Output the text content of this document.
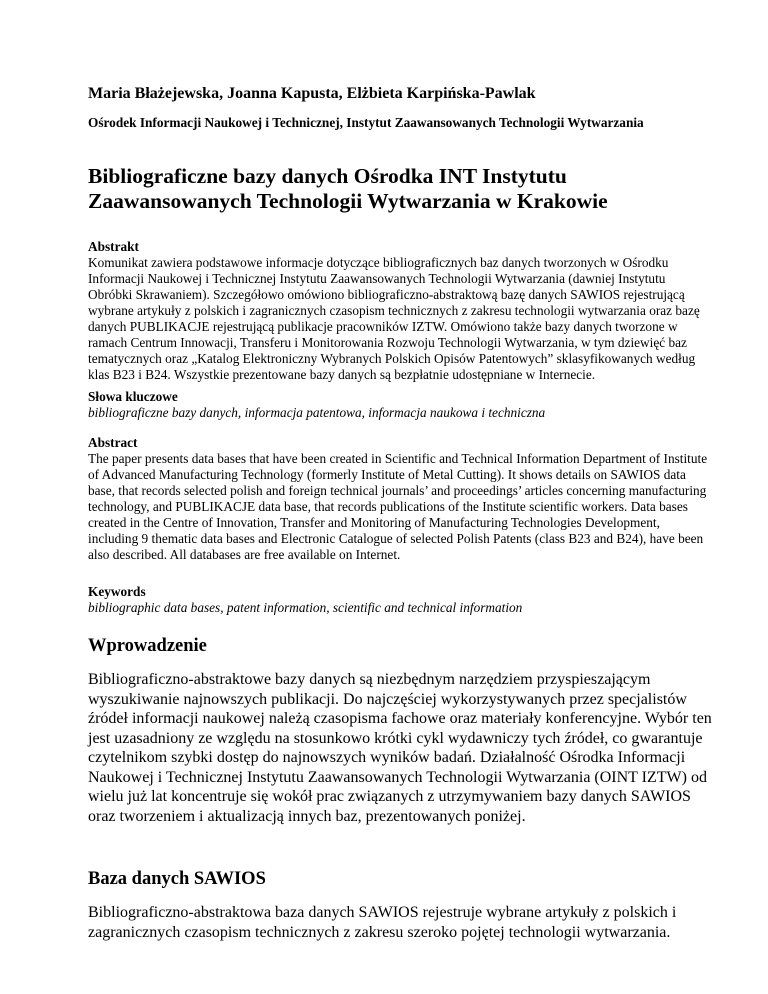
Maria Błażejewska, Joanna Kapusta, Elżbieta Karpińska-Pawlak

Ośrodek Informacji Naukowej i Technicznej, Instytut Zaawansowanych Technologii Wytwarzania

Bibliograficzne bazy danych Ośrodka INT Instytutu Zaawansowanych Technologii Wytwarzania w Krakowie

Abstrakt

Komunikat zawiera podstawowe informacje dotyczące bibliograficznych baz danych tworzonych w Ośrodku Informacji Naukowej i Technicznej Instytutu Zaawansowanych Technologii Wytwarzania (dawniej Instytutu Obróbki Skrawaniem). Szczegółowo omówiono bibliograficzno-abstraktową bazę danych SAWIOS rejestrującą wybrane artykuły z polskich i zagranicznych czasopism technicznych z zakresu technologii wytwarzania oraz bazę danych PUBLIKACJE rejestrującą publikacje pracowników IZTW. Omówiono także bazy danych tworzone w ramach Centrum Innowacji, Transferu i Monitorowania Rozwoju Technologii Wytwarzania, w tym dziewięć baz tematycznych oraz „Katalog Elektroniczny Wybranych Polskich Opisów Patentowych” sklasyfikowanych według klas B23 i B24. Wszystkie prezentowane bazy danych są bezpłatnie udostępniane w Internecie.

Słowa kluczowe

bibliograficzne bazy danych, informacja patentowa, informacja naukowa i techniczna

Abstract

The paper presents data bases that have been created in Scientific and Technical Information Department of Institute of Advanced Manufacturing Technology (formerly Institute of Metal Cutting). It shows details on SAWIOS data base, that records selected polish and foreign technical journals’ and proceedings’ articles concerning manufacturing technology, and PUBLIKACJE data base, that records publications of the Institute scientific workers. Data bases created in the Centre of Innovation, Transfer and Monitoring of Manufacturing Technologies Development, including 9 thematic data bases and Electronic Catalogue of selected Polish Patents (class B23 and B24), have been also described. All databases are free available on Internet.

Keywords

bibliographic data bases, patent information, scientific and technical information

Wprowadzenie

Bibliograficzno-abstraktowe bazy danych są niezbędnym narzędziem przyspieszającym wyszukiwanie najnowszych publikacji. Do najczęściej wykorzystywanych przez specjalistów źródeł informacji naukowej należą czasopisma fachowe oraz materiały konferencyjne. Wybór ten jest uzasadniony ze względu na stosunkowo krótki cykl wydawniczy tych źródeł, co gwarantuje czytelnikom szybki dostęp do najnowszych wyników badań. Działalność Ośrodka Informacji Naukowej i Technicznej Instytutu Zaawansowanych Technologii Wytwarzania (OINT IZTW) od wielu już lat koncentruje się wokół prac związanych z utrzymywaniem bazy danych SAWIOS oraz tworzeniem i aktualizacją innych baz, prezentowanych poniżej.

Baza danych SAWIOS

Bibliograficzno-abstraktowa baza danych SAWIOS rejestruje wybrane artykuły z polskich i zagranicznych czasopism technicznych z zakresu szeroko pojętej technologii wytwarzania.
